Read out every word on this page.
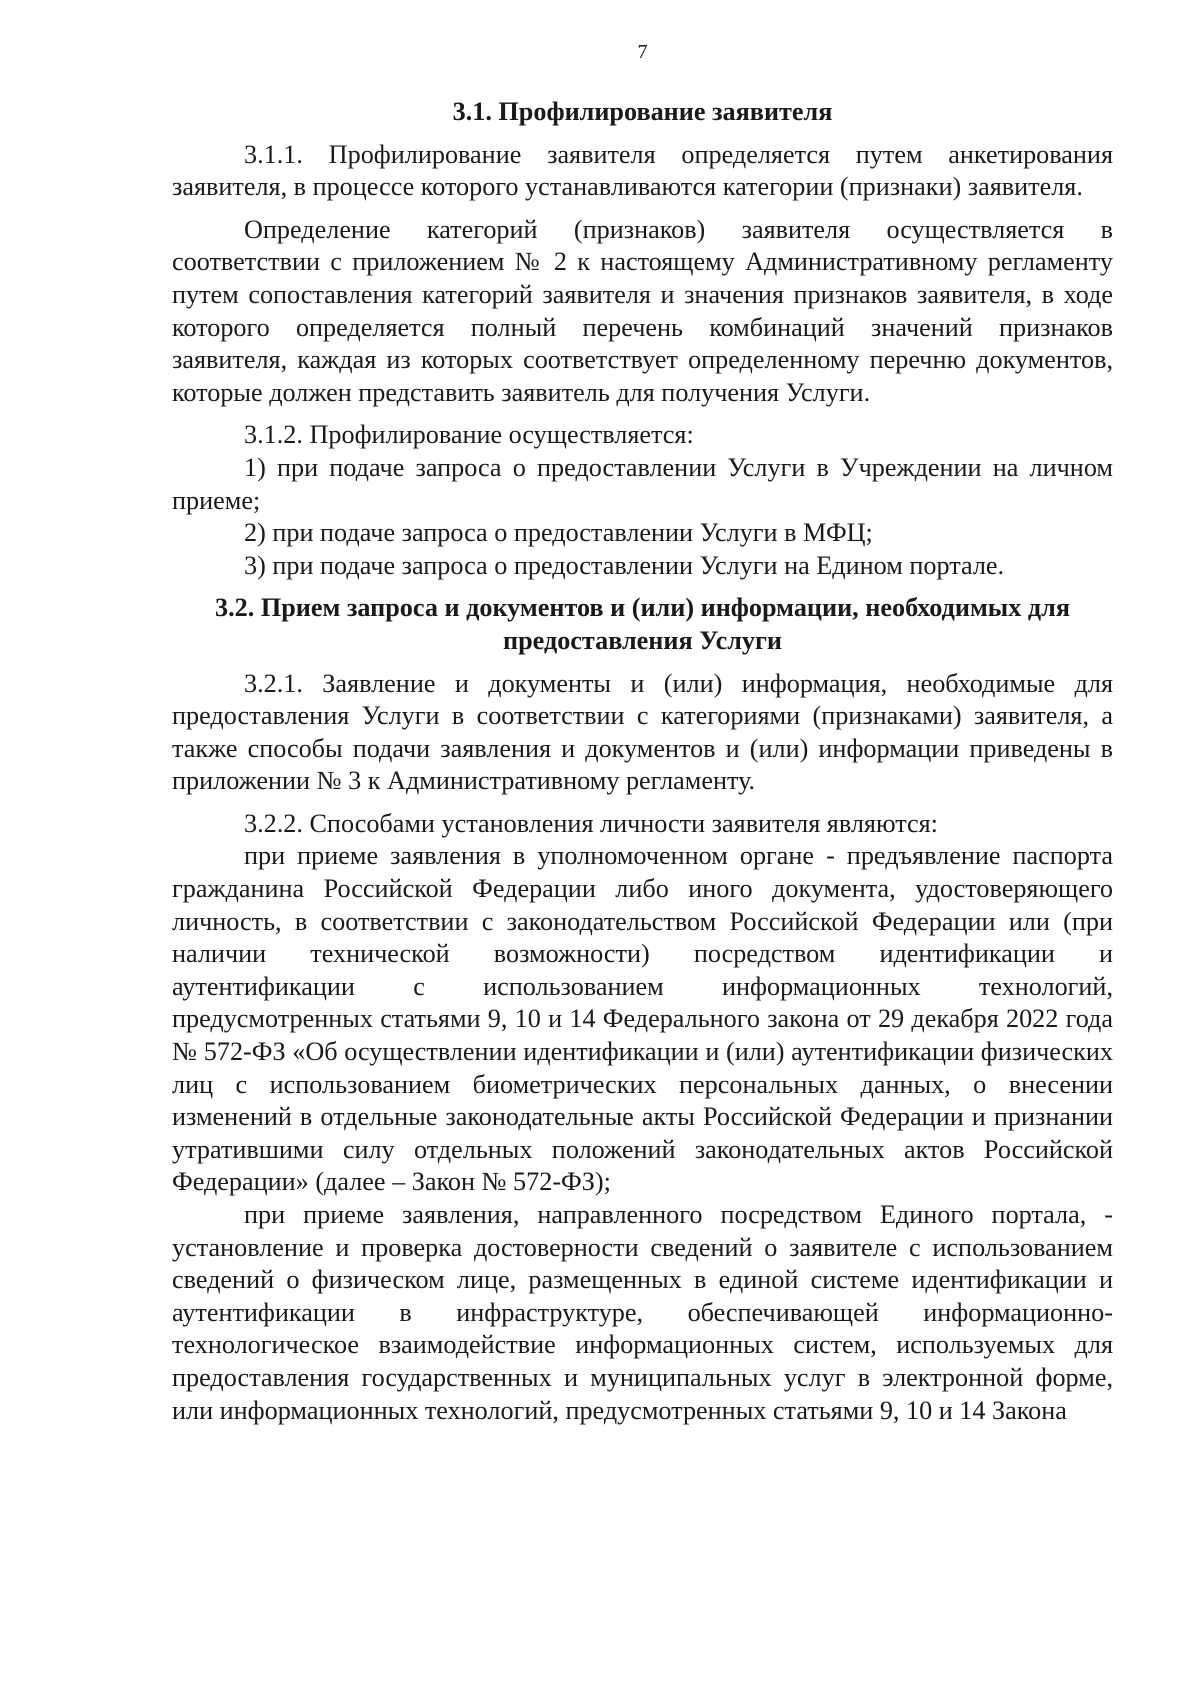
7

3.1. Профилирование заявителя

3.1.1. Профилирование заявителя определяется путем анкетирования заявителя, в процессе которого устанавливаются категории (признаки) заявителя.

Определение категорий (признаков) заявителя осуществляется в соответствии с приложением № 2 к настоящему Административному регламенту путем сопоставления категорий заявителя и значения признаков заявителя, в ходе которого определяется полный перечень комбинаций значений признаков заявителя, каждая из которых соответствует определенному перечню документов, которые должен представить заявитель для получения Услуги.

3.1.2. Профилирование осуществляется:

1) при подаче запроса о предоставлении Услуги в Учреждении на личном приеме;

2) при подаче запроса о предоставлении Услуги в МФЦ;

3) при подаче запроса о предоставлении Услуги на Едином портале.

3.2. Прием запроса и документов и (или) информации, необходимых для предоставления Услуги

3.2.1. Заявление и документы и (или) информация, необходимые для предоставления Услуги в соответствии с категориями (признаками) заявителя, а также способы подачи заявления и документов и (или) информации приведены в приложении № 3 к Административному регламенту.

3.2.2. Способами установления личности заявителя являются:

при приеме заявления в уполномоченном органе - предъявление паспорта гражданина Российской Федерации либо иного документа, удостоверяющего личность, в соответствии с законодательством Российской Федерации или (при наличии технической возможности) посредством идентификации и аутентификации с использованием информационных технологий, предусмотренных статьями 9, 10 и 14 Федерального закона от 29 декабря 2022 года № 572-ФЗ «Об осуществлении идентификации и (или) аутентификации физических лиц с использованием биометрических персональных данных, о внесении изменений в отдельные законодательные акты Российской Федерации и признании утратившими силу отдельных положений законодательных актов Российской Федерации» (далее – Закон № 572-ФЗ);

при приеме заявления, направленного посредством Единого портала, - установление и проверка достоверности сведений о заявителе с использованием сведений о физическом лице, размещенных в единой системе идентификации и аутентификации в инфраструктуре, обеспечивающей информационно-технологическое взаимодействие информационных систем, используемых для предоставления государственных и муниципальных услуг в электронной форме, или информационных технологий, предусмотренных статьями 9, 10 и 14 Закона
